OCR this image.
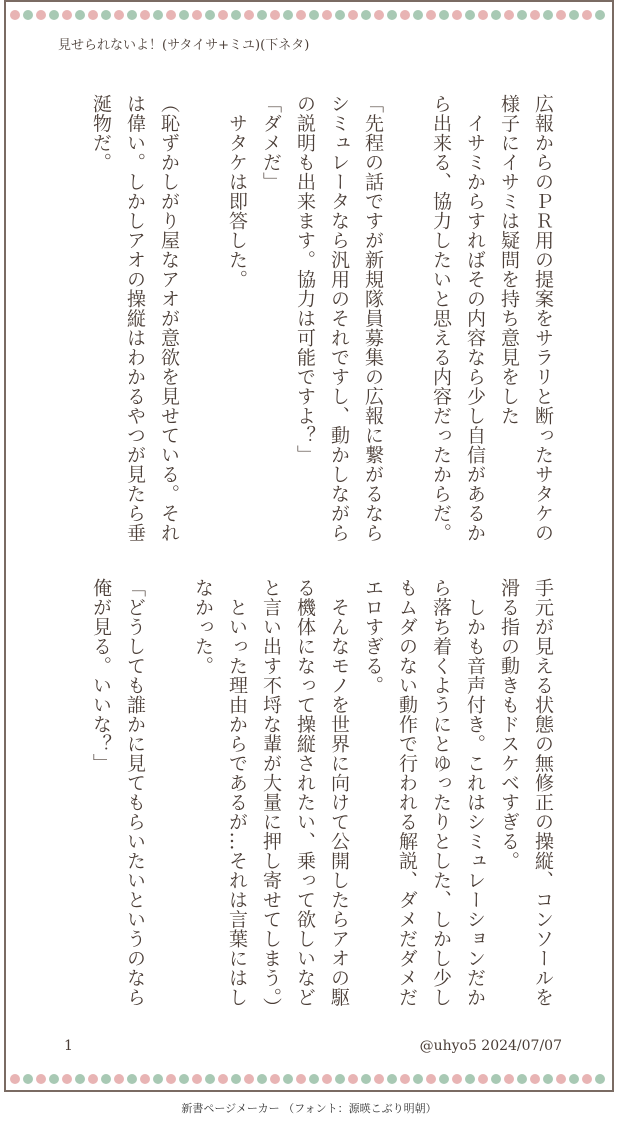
見せられないよ！(サタイサ+ミユ)(下ネタ)
広報からのＰＲ用の提案をサラリと断ったサタケの様子にイサミは疑問を持ち意見をした
　イサミからすればその内容なら少し自信があるから出来る、協力したいと思える内容だったからだ。

「先程の話ですが新規隊員募集の広報に繋がるならシミュレータなら汎用のそれですし、動かしながらの説明も出来ます。協力は可能ですよ？」
「ダメだ」
　サタケは即答した。

（恥ずかしがり屋なアオが意欲を見せている。それは偉い。しかしアオの操縦はわかるやつが見たら垂涎物だ。
手元が見える状態の無修正の操縦、コンソールを滑る指の動きもドスケベすぎる。
　しかも音声付き。これはシミュレーションだから落ち着くようにとゆったりとした、しかし少しもムダのない動作で行われる解説、ダメだダメだエロすぎる。
　そんなモノを世界に向けて公開したらアオの駆る機体になって操縦されたい、乗って欲しいなどと言い出す不埒な輩が大量に押し寄せてしまう。）
　といった理由からであるが…それは言葉にはしなかった。

「どうしても誰かに見てもらいたいというのなら俺が見る。いいな？」
1	@uhyo5 2024/07/07
新書ページメーカー （フォント：源暎こぶり明朝）
